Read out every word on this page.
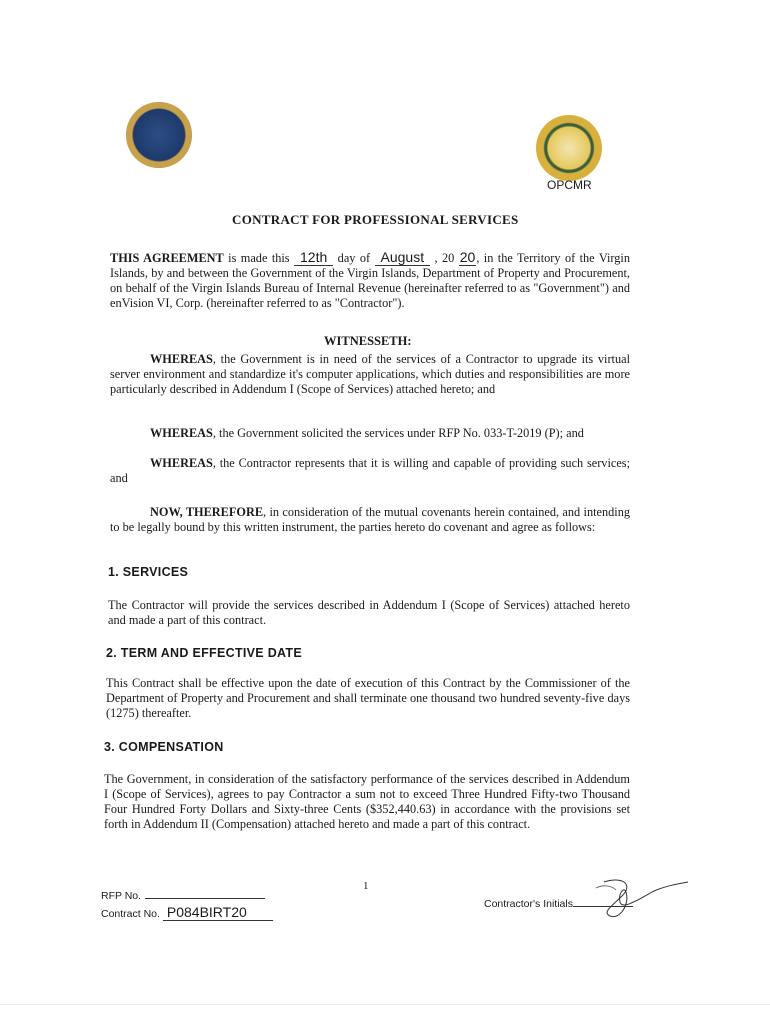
OPCMR
CONTRACT FOR PROFESSIONAL SERVICES
THIS AGREEMENT is made this 12th day of August , 20 20, in the Territory of the Virgin Islands, by and between the Government of the Virgin Islands, Department of Property and Procurement, on behalf of the Virgin Islands Bureau of Internal Revenue (hereinafter referred to as "Government") and enVision VI, Corp. (hereinafter referred to as "Contractor").
WITNESSETH:
WHEREAS, the Government is in need of the services of a Contractor to upgrade its virtual server environment and standardize it's computer applications, which duties and responsibilities are more particularly described in Addendum I (Scope of Services) attached hereto; and
WHEREAS, the Government solicited the services under RFP No. 033-T-2019 (P); and
WHEREAS, the Contractor represents that it is willing and capable of providing such services; and
NOW, THEREFORE, in consideration of the mutual covenants herein contained, and intending to be legally bound by this written instrument, the parties hereto do covenant and agree as follows:
1. SERVICES
The Contractor will provide the services described in Addendum I (Scope of Services) attached hereto and made a part of this contract.
2. TERM AND EFFECTIVE DATE
This Contract shall be effective upon the date of execution of this Contract by the Commissioner of the Department of Property and Procurement and shall terminate one thousand two hundred seventy-five days (1275) thereafter.
3. COMPENSATION
The Government, in consideration of the satisfactory performance of the services described in Addendum I (Scope of Services), agrees to pay Contractor a sum not to exceed Three Hundred Fifty-two Thousand Four Hundred Forty Dollars and Sixty-three Cents ($352,440.63) in accordance with the provisions set forth in Addendum II (Compensation) attached hereto and made a part of this contract.
1
RFP No.
Contract No. P084BIRT20	Contractor's Initials
